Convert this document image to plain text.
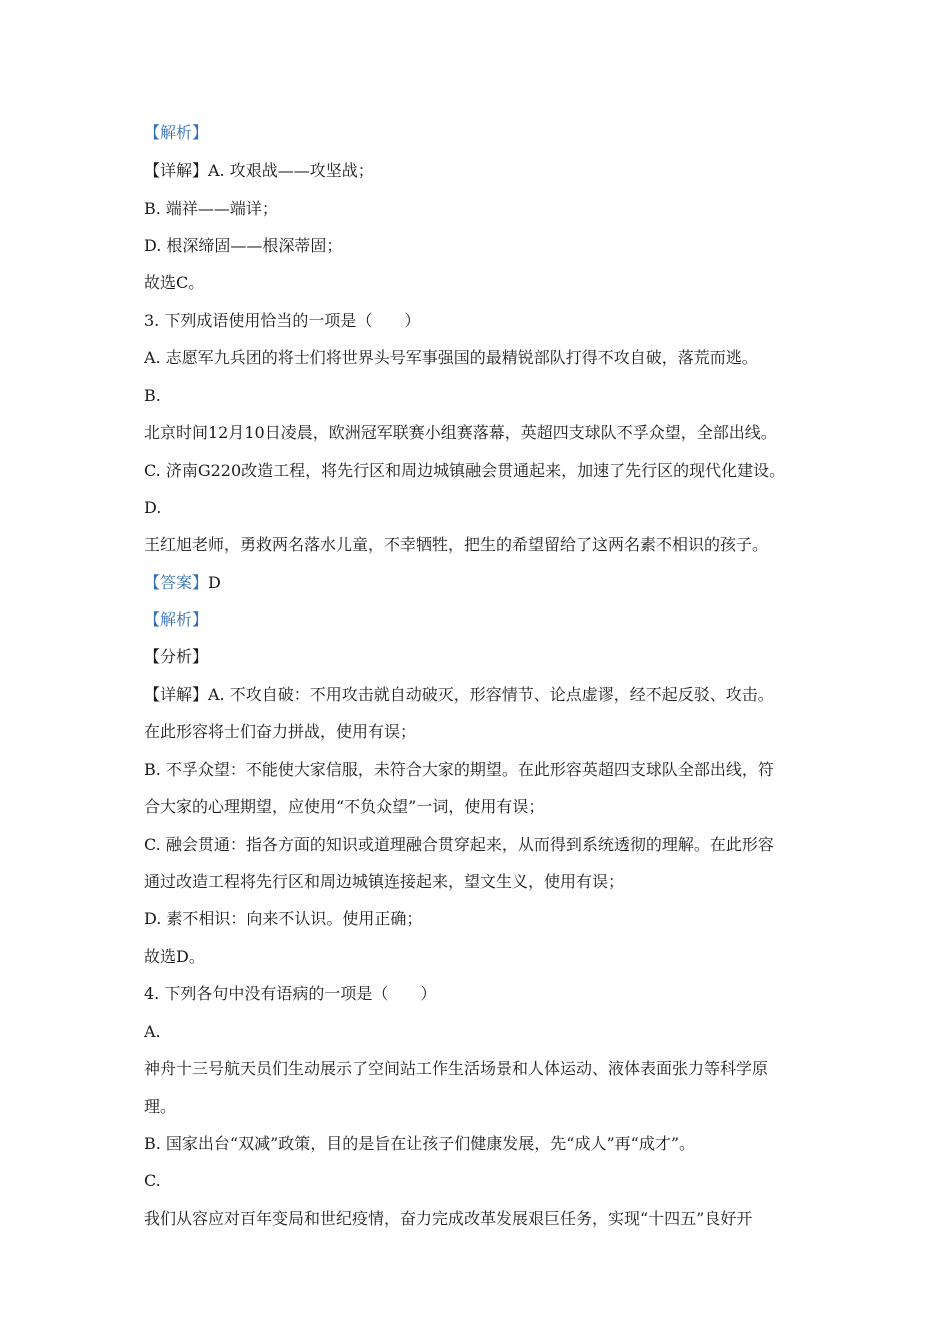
【解析】
【详解】A. 攻艰战——攻坚战；
B. 端祥——端详；
D. 根深缔固——根深蒂固；
故选C。
3. 下列成语使用恰当的一项是（　　）
A. 志愿军九兵团的将士们将世界头号军事强国的最精锐部队打得不攻自破，落荒而逃。
B.
北京时间12月10日凌晨，欧洲冠军联赛小组赛落幕，英超四支球队不孚众望，全部出线。
C. 济南G220改造工程，将先行区和周边城镇融会贯通起来，加速了先行区的现代化建设。
D.
王红旭老师，勇救两名落水儿童，不幸牺牲，把生的希望留给了这两名素不相识的孩子。
【答案】D
【解析】
【分析】
【详解】A. 不攻自破：不用攻击就自动破灭，形容情节、论点虚谬，经不起反驳、攻击。
在此形容将士们奋力拼战，使用有误；
B. 不孚众望：不能使大家信服，未符合大家的期望。在此形容英超四支球队全部出线，符
合大家的心理期望，应使用“不负众望”一词，使用有误；
C. 融会贯通：指各方面的知识或道理融合贯穿起来，从而得到系统透彻的理解。在此形容
通过改造工程将先行区和周边城镇连接起来，望文生义，使用有误；
D. 素不相识：向来不认识。使用正确；
故选D。
4. 下列各句中没有语病的一项是（　　）
A.
神舟十三号航天员们生动展示了空间站工作生活场景和人体运动、液体表面张力等科学原
理。
B. 国家出台“双减”政策，目的是旨在让孩子们健康发展，先“成人”再“成才”。
C.
我们从容应对百年变局和世纪疫情，奋力完成改革发展艰巨任务，实现“十四五”良好开
